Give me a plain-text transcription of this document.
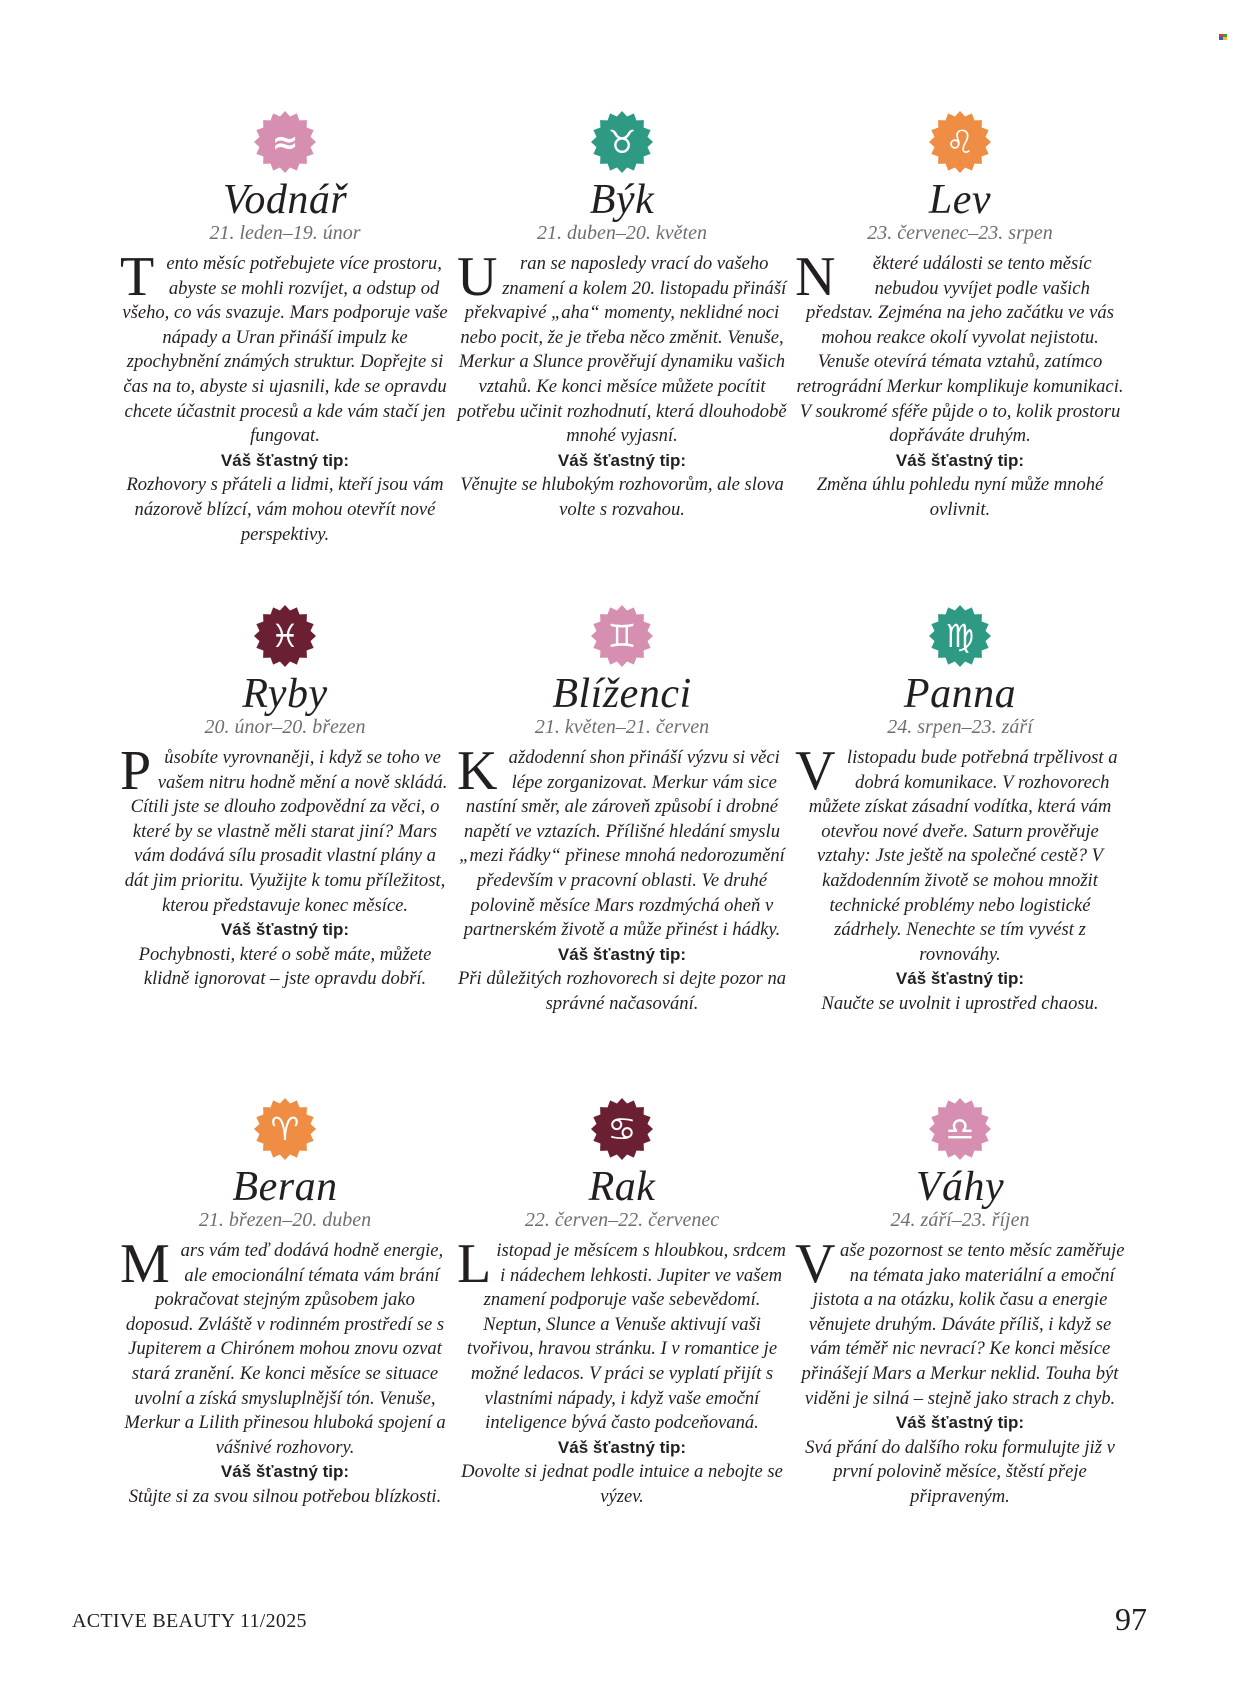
≈
Vodnář
21. leden–19. únor
Tento měsíc potřebujete více prostoru, abyste se mohli rozvíjet, a odstup od všeho, co vás svazuje. Mars podporuje vaše nápady a Uran přináší impulz ke zpochybnění známých struktur. Dopřejte si čas na to, abyste si ujasnili, kde se opravdu chcete účastnit procesů a kde vám stačí jen fungovat.
Váš šťastný tip:
Rozhovory s přáteli a lidmi, kteří jsou vám názorově blízcí, vám mohou otevřít nové perspektivy.
♉
Býk
21. duben–20. květen
U ran se naposledy vrací do vašeho znamení a kolem 20. listopadu přináší překvapivé „aha“ momenty, neklidné noci nebo pocit, že je třeba něco změnit. Venuše, Merkur a Slunce prověřují dynamiku vašich vztahů. Ke konci měsíce můžete pocítit potřebu učinit rozhodnutí, která dlouhodobě mnohé vyjasní.
Váš šťastný tip:
Věnujte se hlubokým rozhovorům, ale slova volte s rozvahou.
♌
Lev
23. červenec–23. srpen
N ěkteré události se tento měsíc nebudou vyvíjet podle vašich představ. Zejména na jeho začátku ve vás mohou reakce okolí vyvolat nejistotu. Venuše otevírá témata vztahů, zatímco retrográdní Merkur komplikuje komunikaci. V soukromé sféře půjde o to, kolik prostoru dopřáváte druhým.
Váš šťastný tip:
Změna úhlu pohledu nyní může mnohé ovlivnit.
♓
Ryby
20. únor–20. březen
Působíte vyrovnaněji, i když se toho ve vašem nitru hodně mění a nově skládá. Cítili jste se dlouho zodpovědní za věci, o které by se vlastně měli starat jiní? Mars vám dodává sílu prosadit vlastní plány a dát jim prioritu. Využijte k tomu příležitost, kterou představuje konec měsíce.
Váš šťastný tip:
Pochybnosti, které o sobě máte, můžete klidně ignorovat – jste opravdu dobří.
♊
Blíženci
21. květen–21. červen
Každodenní shon přináší výzvu si věci lépe zorganizovat. Merkur vám sice nastíní směr, ale zároveň způsobí i drobné napětí ve vztazích. Přílišné hledání smyslu „mezi řádky“ přinese mnohá nedorozumění především v pracovní oblasti. Ve druhé polovině měsíce Mars rozdmýchá oheň v partnerském životě a může přinést i hádky.
Váš šťastný tip:
Při důležitých rozhovorech si dejte pozor na správné načasování.
♍
Panna
24. srpen–23. září
Vlistopadu bude potřebná trpělivost a dobrá komunikace. V rozhovorech můžete získat zásadní vodítka, která vám otevřou nové dveře. Saturn prověřuje vztahy: Jste ještě na společné cestě? V každodenním životě se mohou množit technické problémy nebo logistické zádrhely. Nenechte se tím vyvést z rovnováhy.
Váš šťastný tip:
Naučte se uvolnit i uprostřed chaosu.
♈
Beran
21. březen–20. duben
Mars vám teď dodává hodně energie, ale emocionální témata vám brání pokračovat stejným způsobem jako doposud. Zvláště v rodinném prostředí se s Jupiterem a Chirónem mohou znovu ozvat stará zranění. Ke konci měsíce se situace uvolní a získá smysluplnější tón. Venuše, Merkur a Lilith přinesou hluboká spojení a vášnivé rozhovory.
Váš šťastný tip:
Stůjte si za svou silnou potřebou blízkosti.
♋
Rak
22. červen–22. červenec
Listopad je měsícem s hloubkou, srdcem i nádechem lehkosti. Jupiter ve vašem znamení podporuje vaše sebevědomí. Neptun, Slunce a Venuše aktivují vaši tvořivou, hravou stránku. I v romantice je možné ledacos. V práci se vyplatí přijít s vlastními nápady, i když vaše emoční inteligence bývá často podceňovaná.
Váš šťastný tip:
Dovolte si jednat podle intuice a nebojte se výzev.
♎
Váhy
24. září–23. říjen
Vaše pozornost se tento měsíc zaměřuje na témata jako materiální a emoční jistota a na otázku, kolik času a energie věnujete druhým. Dáváte příliš, i když se vám téměř nic nevrací? Ke konci měsíce přinášejí Mars a Merkur neklid. Touha být viděni je silná – stejně jako strach z chyb.
Váš šťastný tip:
Svá přání do dalšího roku formulujte již v první polovině měsíce, štěstí přeje připraveným.
ACTIVE BEAUTY 11/2025	97
